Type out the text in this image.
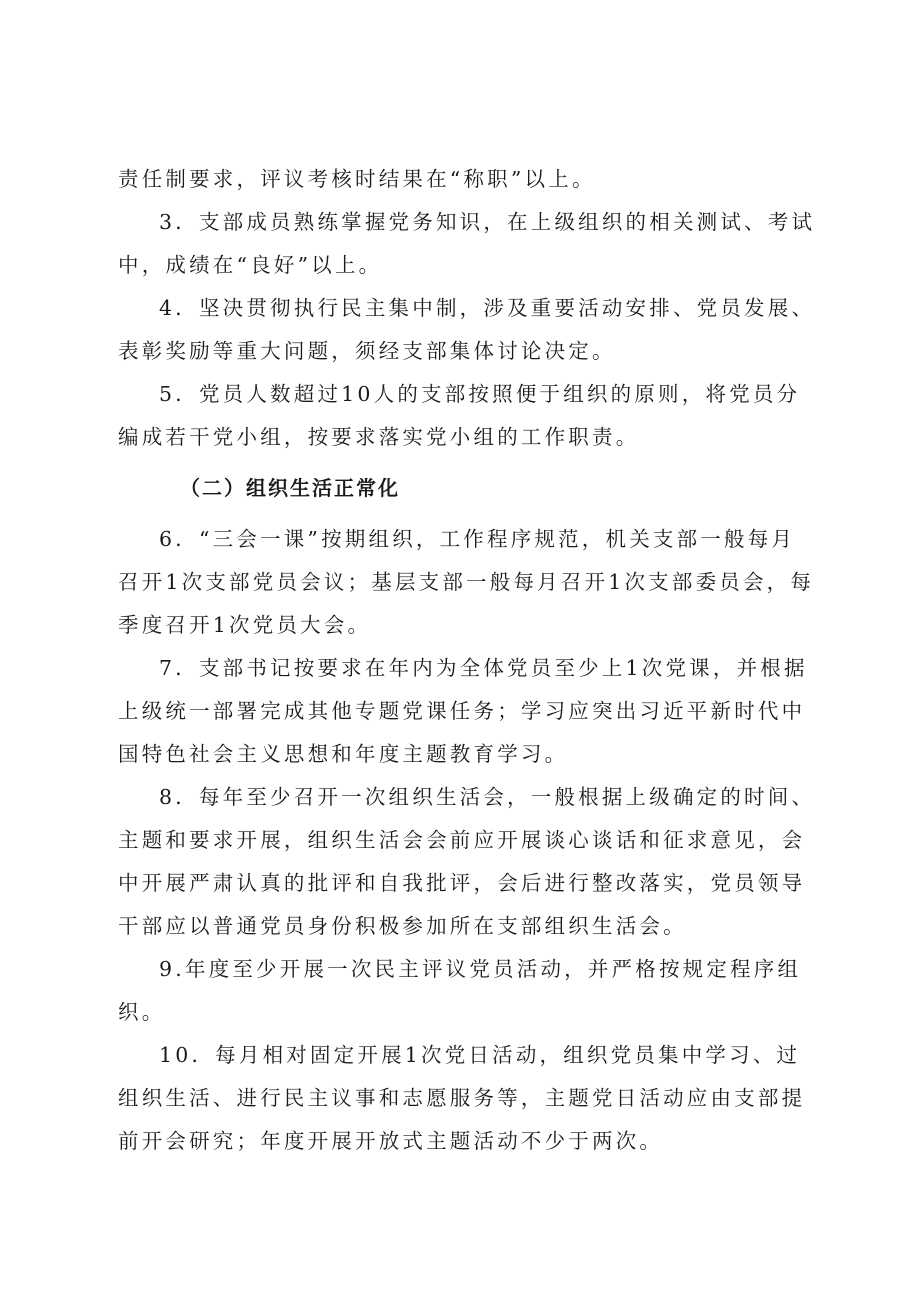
责任制要求，评议考核时结果在“称职”以上。

3．支部成员熟练掌握党务知识，在上级组织的相关测试、考试中，成绩在“良好”以上。

4．坚决贯彻执行民主集中制，涉及重要活动安排、党员发展、表彰奖励等重大问题，须经支部集体讨论决定。

5．党员人数超过10人的支部按照便于组织的原则，将党员分编成若干党小组，按要求落实党小组的工作职责。

（二）组织生活正常化

6．“三会一课”按期组织，工作程序规范，机关支部一般每月召开1次支部党员会议；基层支部一般每月召开1次支部委员会，每季度召开1次党员大会。

7．支部书记按要求在年内为全体党员至少上1次党课，并根据上级统一部署完成其他专题党课任务；学习应突出习近平新时代中国特色社会主义思想和年度主题教育学习。

8．每年至少召开一次组织生活会，一般根据上级确定的时间、主题和要求开展，组织生活会会前应开展谈心谈话和征求意见，会中开展严肃认真的批评和自我批评，会后进行整改落实，党员领导干部应以普通党员身份积极参加所在支部组织生活会。

9.年度至少开展一次民主评议党员活动，并严格按规定程序组织。

10．每月相对固定开展1次党日活动，组织党员集中学习、过组织生活、进行民主议事和志愿服务等，主题党日活动应由支部提前开会研究；年度开展开放式主题活动不少于两次。
